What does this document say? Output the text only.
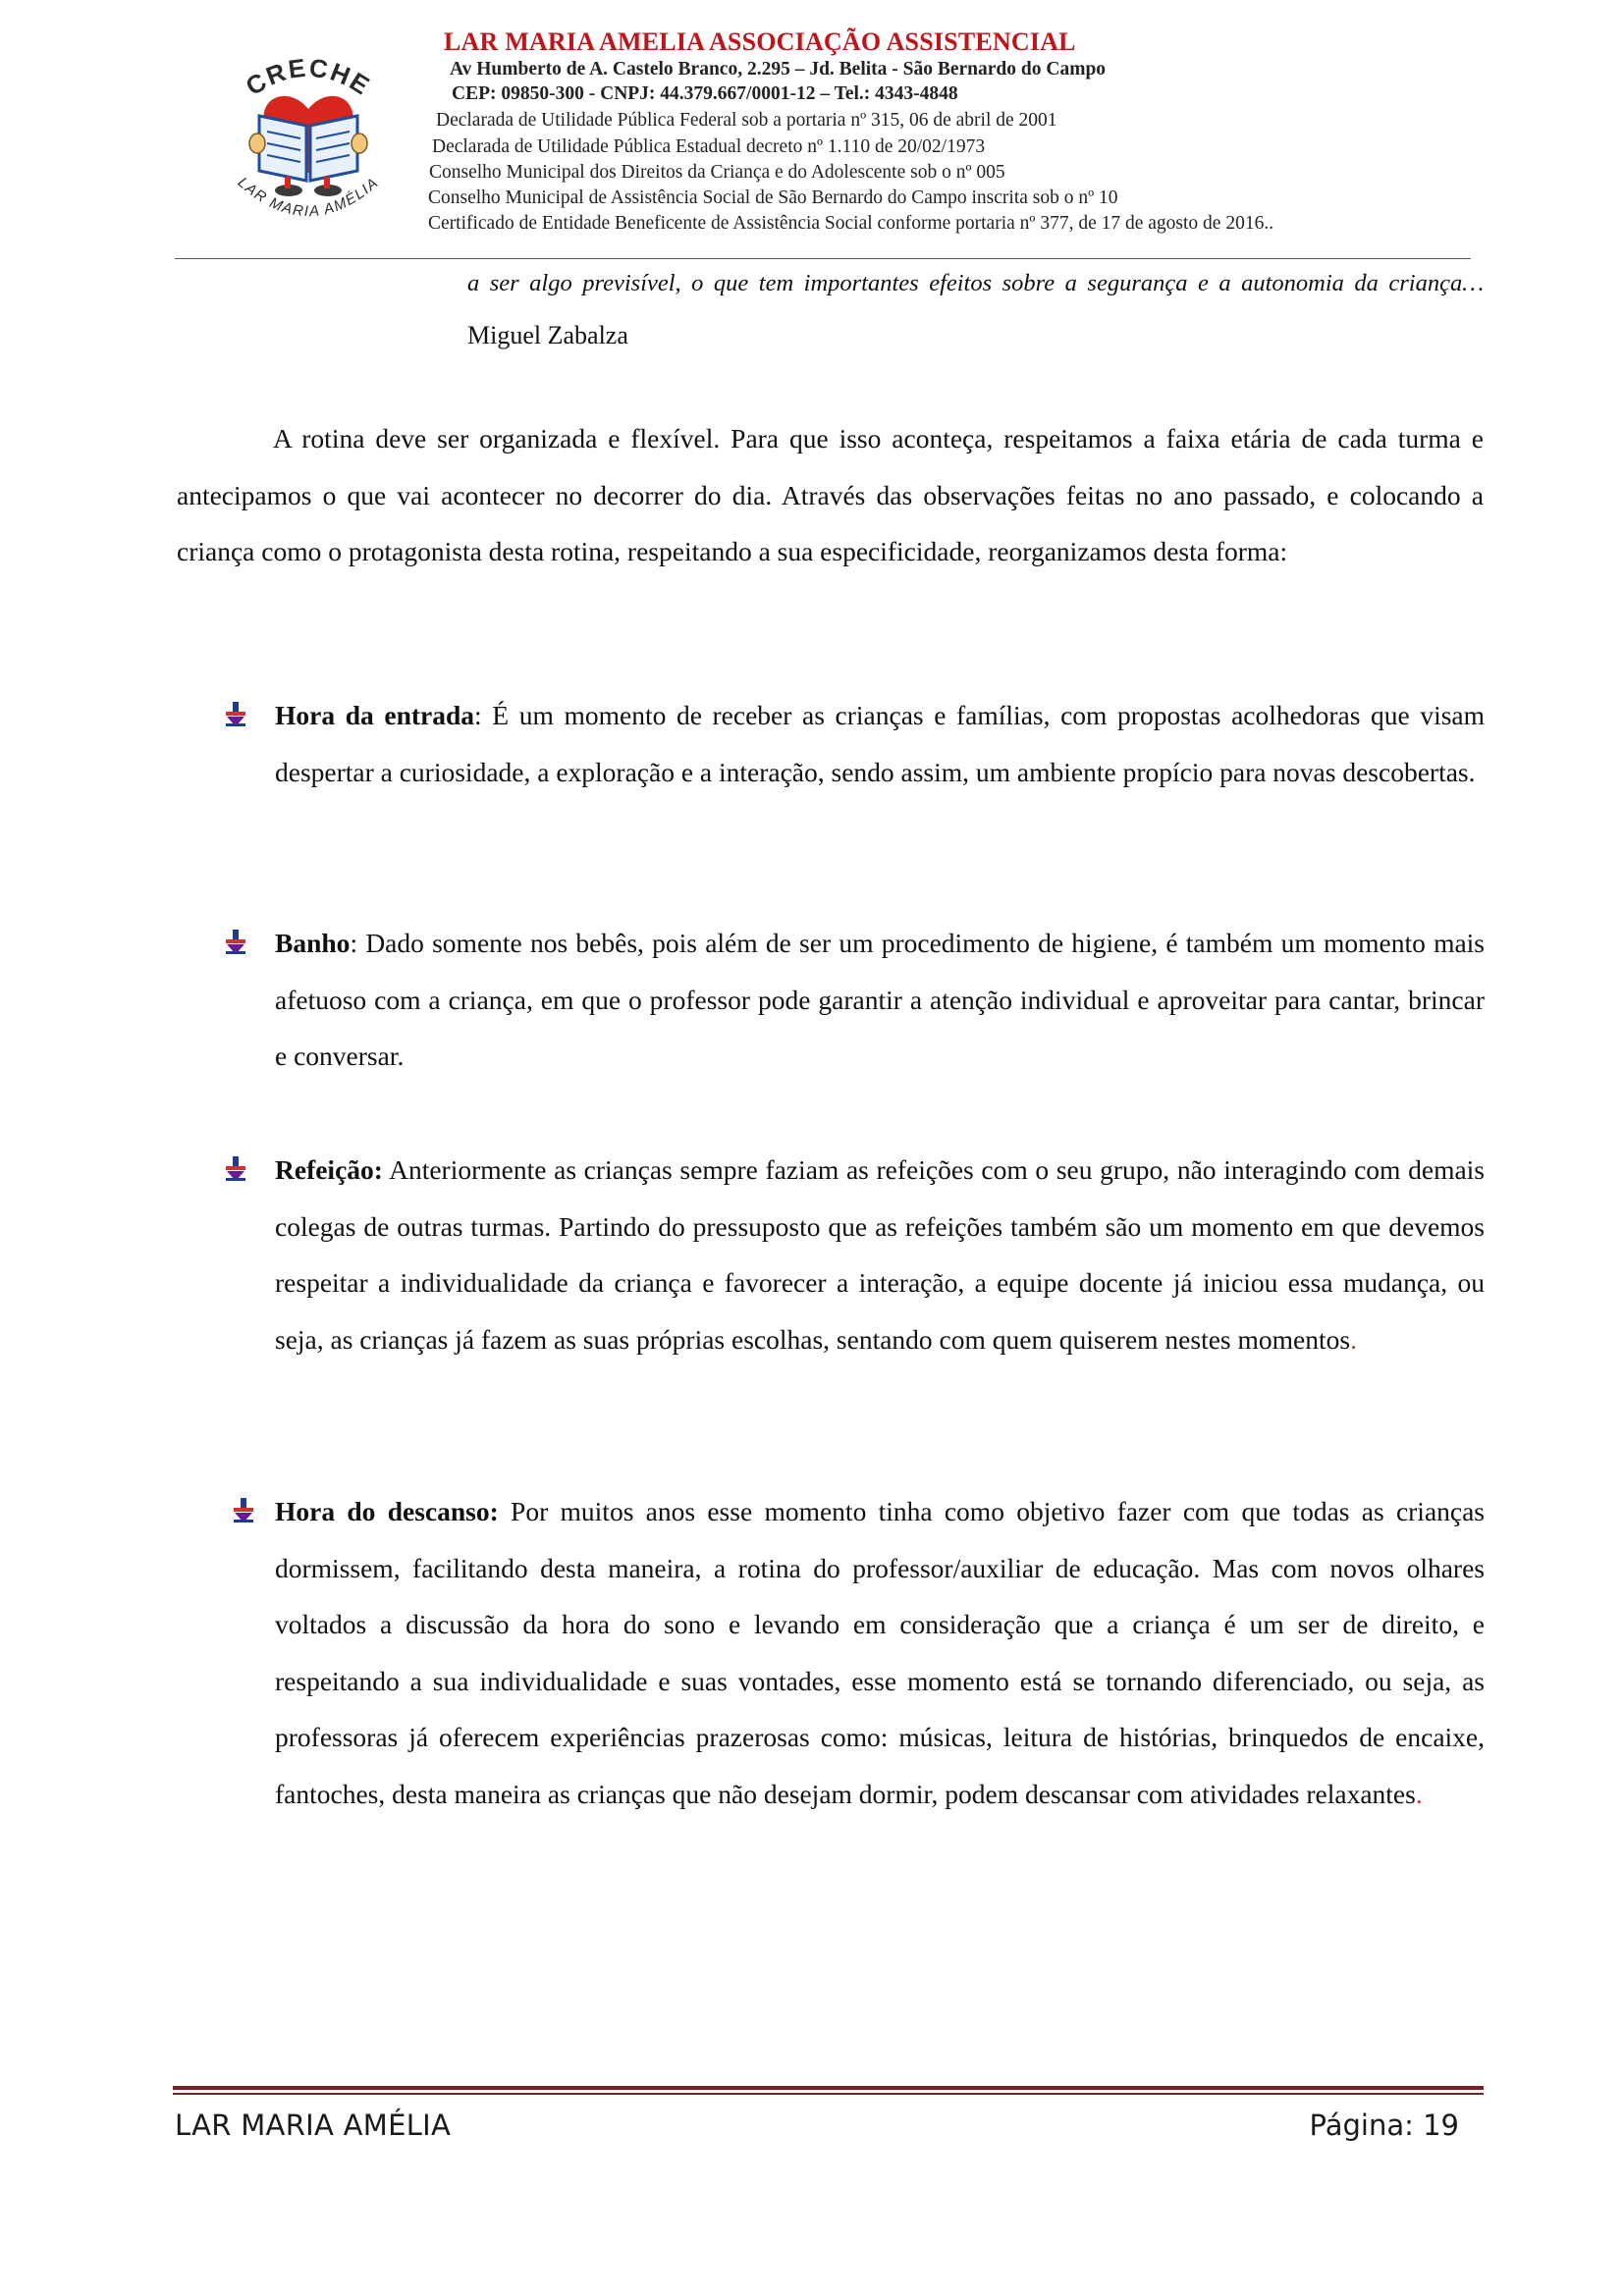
CRECHE
LAR MARIA AMÉLIA
LAR MARIA AMELIA ASSOCIAÇÃO ASSISTENCIAL
Av Humberto de A. Castelo Branco, 2.295 – Jd. Belita - São Bernardo do Campo
CEP: 09850-300 - CNPJ: 44.379.667/0001-12 – Tel.: 4343-4848
Declarada de Utilidade Pública Federal sob a portaria nº 315, 06 de abril de 2001
Declarada de Utilidade Pública Estadual decreto nº 1.110 de 20/02/1973
Conselho Municipal dos Direitos da Criança e do Adolescente sob o nº 005
Conselho Municipal de Assistência Social de São Bernardo do Campo inscrita sob o nº 10
Certificado de Entidade Beneficente de Assistência Social conforme portaria nº 377, de 17 de agosto de 2016..
a ser algo previsível, o que tem importantes efeitos sobre a segurança e a autonomia da criança… Miguel Zabalza
A rotina deve ser organizada e flexível. Para que isso aconteça, respeitamos a faixa etária de cada turma e antecipamos o que vai acontecer no decorrer do dia. Através das observações feitas no ano passado, e colocando a criança como o protagonista desta rotina, respeitando a sua especificidade, reorganizamos desta forma:
Hora da entrada: É um momento de receber as crianças e famílias, com propostas acolhedoras que visam despertar a curiosidade, a exploração e a interação, sendo assim, um ambiente propício para novas descobertas.
Banho: Dado somente nos bebês, pois além de ser um procedimento de higiene, é também um momento mais afetuoso com a criança, em que o professor pode garantir a atenção individual e aproveitar para cantar, brincar e conversar.
Refeição: Anteriormente as crianças sempre faziam as refeições com o seu grupo, não interagindo com demais colegas de outras turmas. Partindo do pressuposto que as refeições também são um momento em que devemos respeitar a individualidade da criança e favorecer a interação, a equipe docente já iniciou essa mudança, ou seja, as crianças já fazem as suas próprias escolhas, sentando com quem quiserem nestes momentos.
Hora do descanso: Por muitos anos esse momento tinha como objetivo fazer com que todas as crianças dormissem, facilitando desta maneira, a rotina do professor/auxiliar de educação. Mas com novos olhares voltados a discussão da hora do sono e levando em consideração que a criança é um ser de direito, e respeitando a sua individualidade e suas vontades, esse momento está se tornando diferenciado, ou seja, as professoras já oferecem experiências prazerosas como: músicas, leitura de histórias, brinquedos de encaixe, fantoches, desta maneira as crianças que não desejam dormir, podem descansar com atividades relaxantes.
LAR MARIA AMÉLIA	Página: 19
